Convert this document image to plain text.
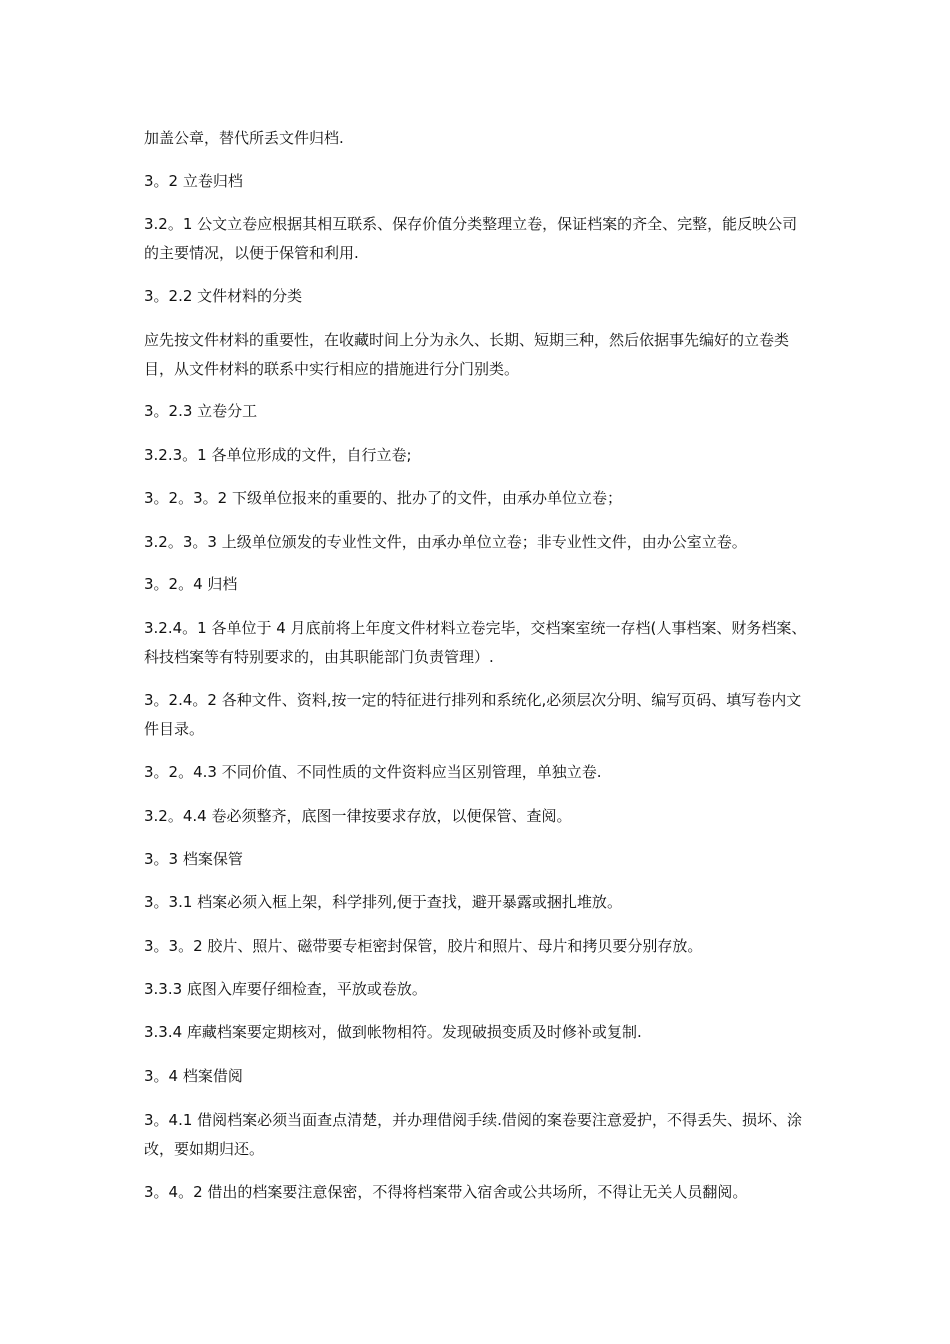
加盖公章，替代所丢文件归档.

3。2 立卷归档

3.2。1 公文立卷应根据其相互联系、保存价值分类整理立卷，保证档案的齐全、完整，能反映公司的主要情况，以便于保管和利用.

3。2.2 文件材料的分类

应先按文件材料的重要性，在收藏时间上分为永久、长期、短期三种，然后依据事先编好的立卷类目，从文件材料的联系中实行相应的措施进行分门别类。

3。2.3 立卷分工

3.2.3。1 各单位形成的文件，自行立卷;

3。2。3。2 下级单位报来的重要的、批办了的文件，由承办单位立卷；

3.2。3。3 上级单位颁发的专业性文件，由承办单位立卷；非专业性文件，由办公室立卷。

3。2。4 归档

3.2.4。1 各单位于 4 月底前将上年度文件材料立卷完毕，交档案室统一存档(人事档案、财务档案、科技档案等有特别要求的，由其职能部门负责管理）.

3。2.4。2 各种文件、资料,按一定的特征进行排列和系统化,必须层次分明、编写页码、填写卷内文件目录。

3。2。4.3 不同价值、不同性质的文件资料应当区别管理，单独立卷.

3.2。4.4 卷必须整齐，底图一律按要求存放，以便保管、查阅。

3。3 档案保管

3。3.1 档案必须入框上架，科学排列,便于查找，避开暴露或捆扎堆放。

3。3。2 胶片、照片、磁带要专柜密封保管，胶片和照片、母片和拷贝要分别存放。

3.3.3 底图入库要仔细检查，平放或卷放。

3.3.4 库藏档案要定期核对，做到帐物相符。发现破损变质及时修补或复制.

3。4 档案借阅

3。4.1 借阅档案必须当面查点清楚，并办理借阅手续.借阅的案卷要注意爱护，不得丢失、损坏、涂改，要如期归还。

3。4。2 借出的档案要注意保密，不得将档案带入宿舍或公共场所，不得让无关人员翻阅。
